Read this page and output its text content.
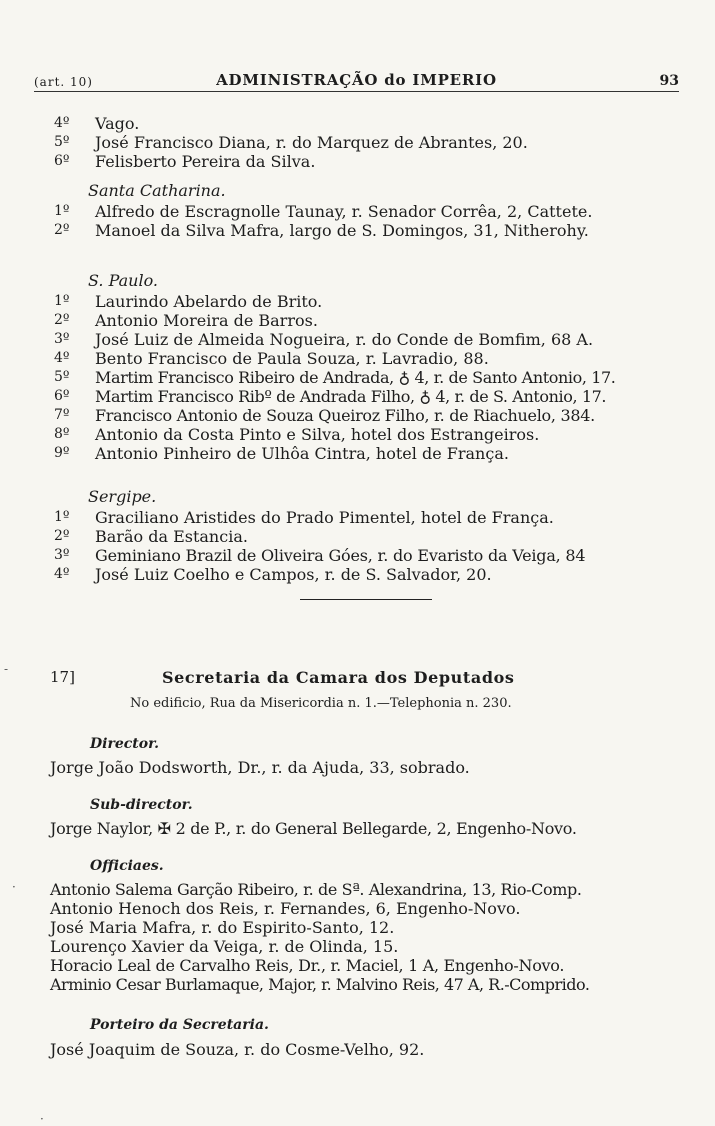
(art. 10)	ADMINISTRAÇÃO do IMPERIO	93
4º	Vago.
5º	José Francisco Diana, r. do Marquez de Abrantes, 20.
6º	Felisberto Pereira da Silva.
Santa Catharina.
1º	Alfredo de Escragnolle Taunay, r. Senador Corrêa, 2, Cattete.
2º	Manoel da Silva Mafra, largo de S. Domingos, 31, Nitherohy.
S. Paulo.
1º	Laurindo Abelardo de Brito.
2º	Antonio Moreira de Barros.
3º	José Luiz de Almeida Nogueira, r. do Conde de Bomfim, 68 A.
4º	Bento Francisco de Paula Souza, r. Lavradio, 88.
5º	Martim Francisco Ribeiro de Andrada, ♁ 4, r. de Santo Antonio, 17.
6º	Martim Francisco Ribº de Andrada Filho, ♁ 4, r. de S. Antonio, 17.
7º	Francisco Antonio de Souza Queiroz Filho, r. de Riachuelo, 384.
8º	Antonio da Costa Pinto e Silva, hotel dos Estrangeiros.
9º	Antonio Pinheiro de Ulhôa Cintra, hotel de França.
Sergipe.
1º	Graciliano Aristides do Prado Pimentel, hotel de França.
2º	Barão da Estancia.
3º	Geminiano Brazil de Oliveira Góes, r. do Evaristo da Veiga, 84
4º	José Luiz Coelho e Campos, r. de S. Salvador, 20.
17]	Secretaria da Camara dos Deputados
No edificio, Rua da Misericordia n. 1.—Telephonia n. 230.
Director.
Jorge João Dodsworth, Dr., r. da Ajuda, 33, sobrado.
Sub-director.
Jorge Naylor, ✠ 2 de P., r. do General Bellegarde, 2, Engenho-Novo.
Officiaes.
Antonio Salema Garção Ribeiro, r. de Sª. Alexandrina, 13, Rio-Comp.
Antonio Henoch dos Reis, r. Fernandes, 6, Engenho-Novo.
José Maria Mafra, r. do Espirito-Santo, 12.
Lourenço Xavier da Veiga, r. de Olinda, 15.
Horacio Leal de Carvalho Reis, Dr., r. Maciel, 1 A, Engenho-Novo.
Arminio Cesar Burlamaque, Major, r. Malvino Reis, 47 A, R.-Comprido.
Porteiro da Secretaria.
José Joaquim de Souza, r. do Cosme-Velho, 92.
-
·
·
